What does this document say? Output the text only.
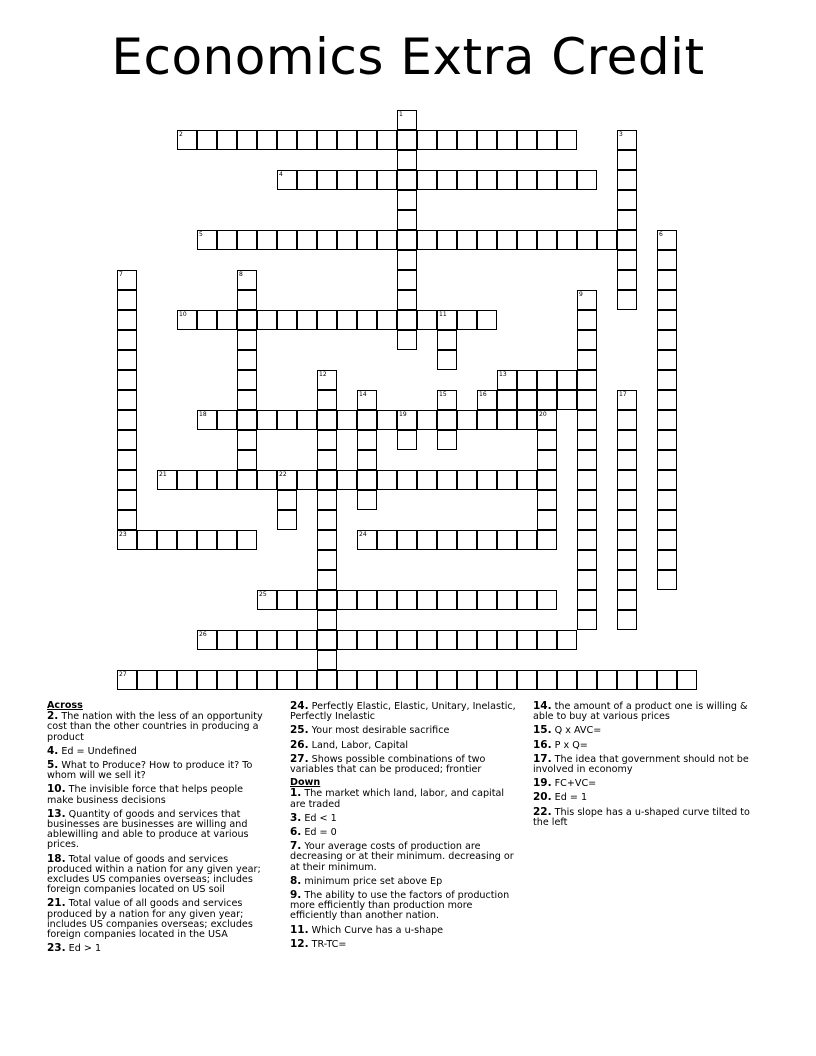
Economics Extra Credit
1
2	3
4
5	6
7	8
9
10	11
12	13
14	15	16	17
18	19	20
21	22
23	24
25
26
27

Across

2. The nation with the less of an opportunity cost than the other countries in producing a product

4. Ed = Undefined

5. What to Produce? How to produce it? To whom will we sell it?

10. The invisible force that helps people make business decisions

13. Quantity of goods and services that businesses are businesses are willing and ablewilling and able to produce at various prices.

18. Total value of goods and services produced within a nation for any given year; excludes US companies overseas; includes foreign companies located on US soil

21. Total value of all goods and services produced by a nation for any given year; includes US companies overseas; excludes foreign companies located in the USA

23. Ed > 1

24. Perfectly Elastic, Elastic, Unitary, Inelastic, Perfectly Inelastic

25. Your most desirable sacrifice

26. Land, Labor, Capital

27. Shows possible combinations of two variables that can be produced; frontier

Down

1. The market which land, labor, and capital are traded

3. Ed < 1

6. Ed = 0

7. Your average costs of production are decreasing or at their minimum. decreasing or at their minimum.

8. minimum price set above Ep

9. The ability to use the factors of production more efficiently than production more efficiently than another nation.

11. Which Curve has a u-shape

12. TR-TC=

14. the amount of a product one is willing & able to buy at various prices

15. Q x AVC=

16. P x Q=

17. The idea that government should not be involved in economy

19. FC+VC=

20. Ed = 1

22. This slope has a u-shaped curve tilted to the left
